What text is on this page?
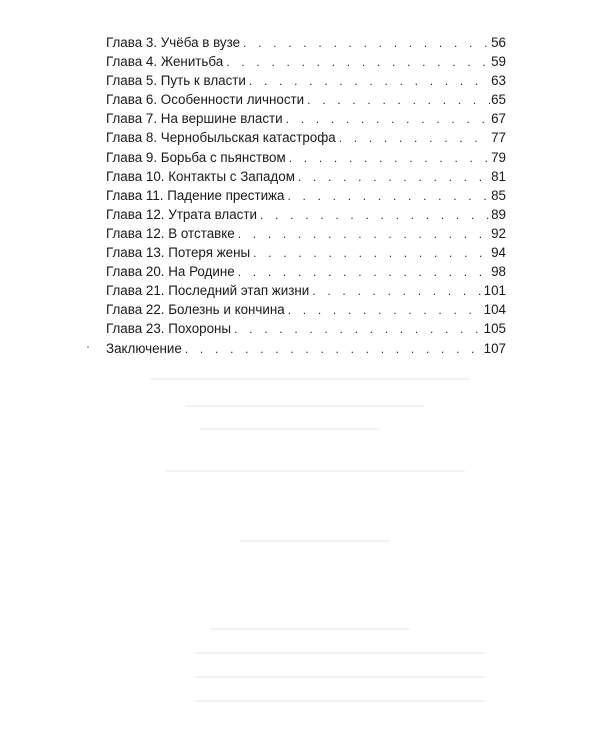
Глава 3. Учёба в вузе . . .	56
Глава 4. Женитьба . . .	59
Глава 5. Путь к власти . . .	63
Глава 6. Особенности личности . . .	65
Глава 7. На вершине власти . . .	67
Глава 8. Чернобыльская катастрофа . . .	77
Глава 9. Борьба с пьянством . . .	79
Глава 10. Контакты с Западом . . .	81
Глава 11. Падение престижа . . .	85
Глава 12. Утрата власти . . .	89
Глава 12. В отставке . . .	92
Глава 13. Потеря жены . . .	94
Глава 20. На Родине . . .	98
Глава 21. Последний этап жизни . . .	101
Глава 22. Болезнь и кончина . . .	104
Глава 23. Похороны . . .	105
Заключение . . .	107
